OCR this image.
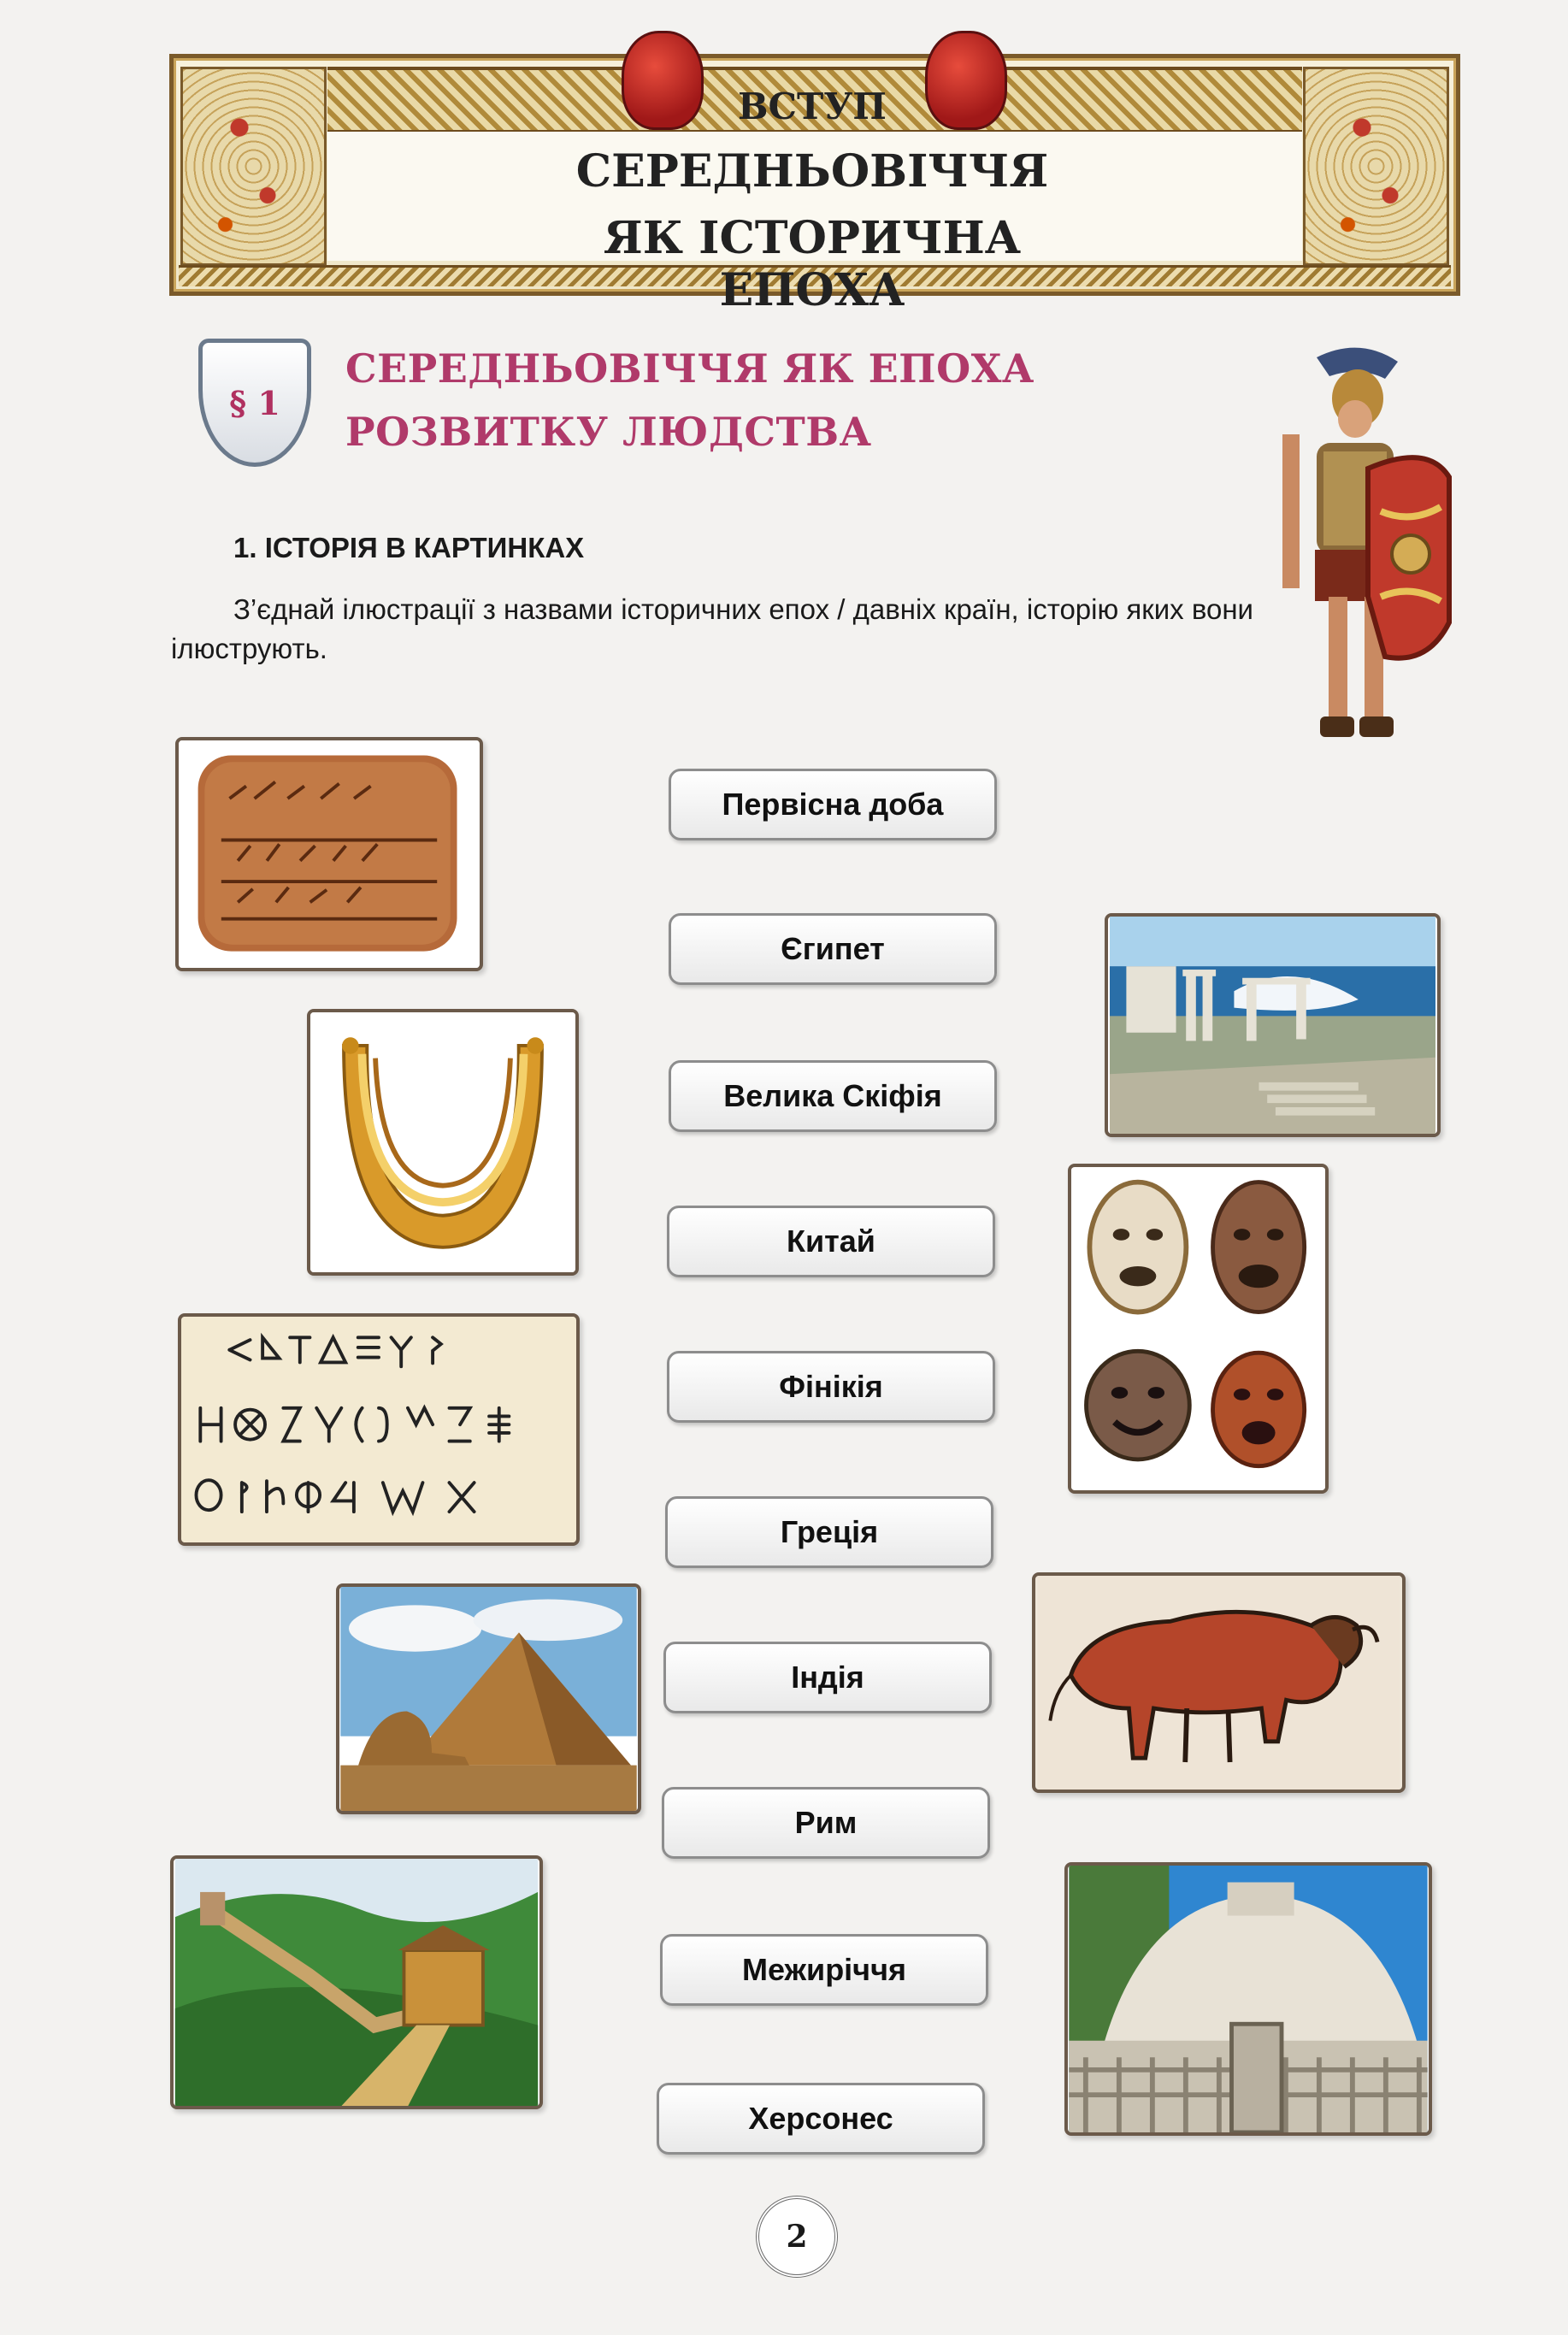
ВСТУП
СЕРЕДНЬОВІЧЧЯ
ЯК ІСТОРИЧНА ЕПОХА
§ 1
СЕРЕДНЬОВІЧЧЯ ЯК ЕПОХА
РОЗВИТКУ ЛЮДСТВА
1. ІСТОРІЯ В КАРТИНКАХ
З’єднай ілюстрації з назвами історичних епох / давніх країн, історію яких вони ілюструють.
Первісна доба
Єгипет
Велика Скіфія
Китай
Фінікія
Греція
Індія
Рим
Межиріччя
Херсонес
2
